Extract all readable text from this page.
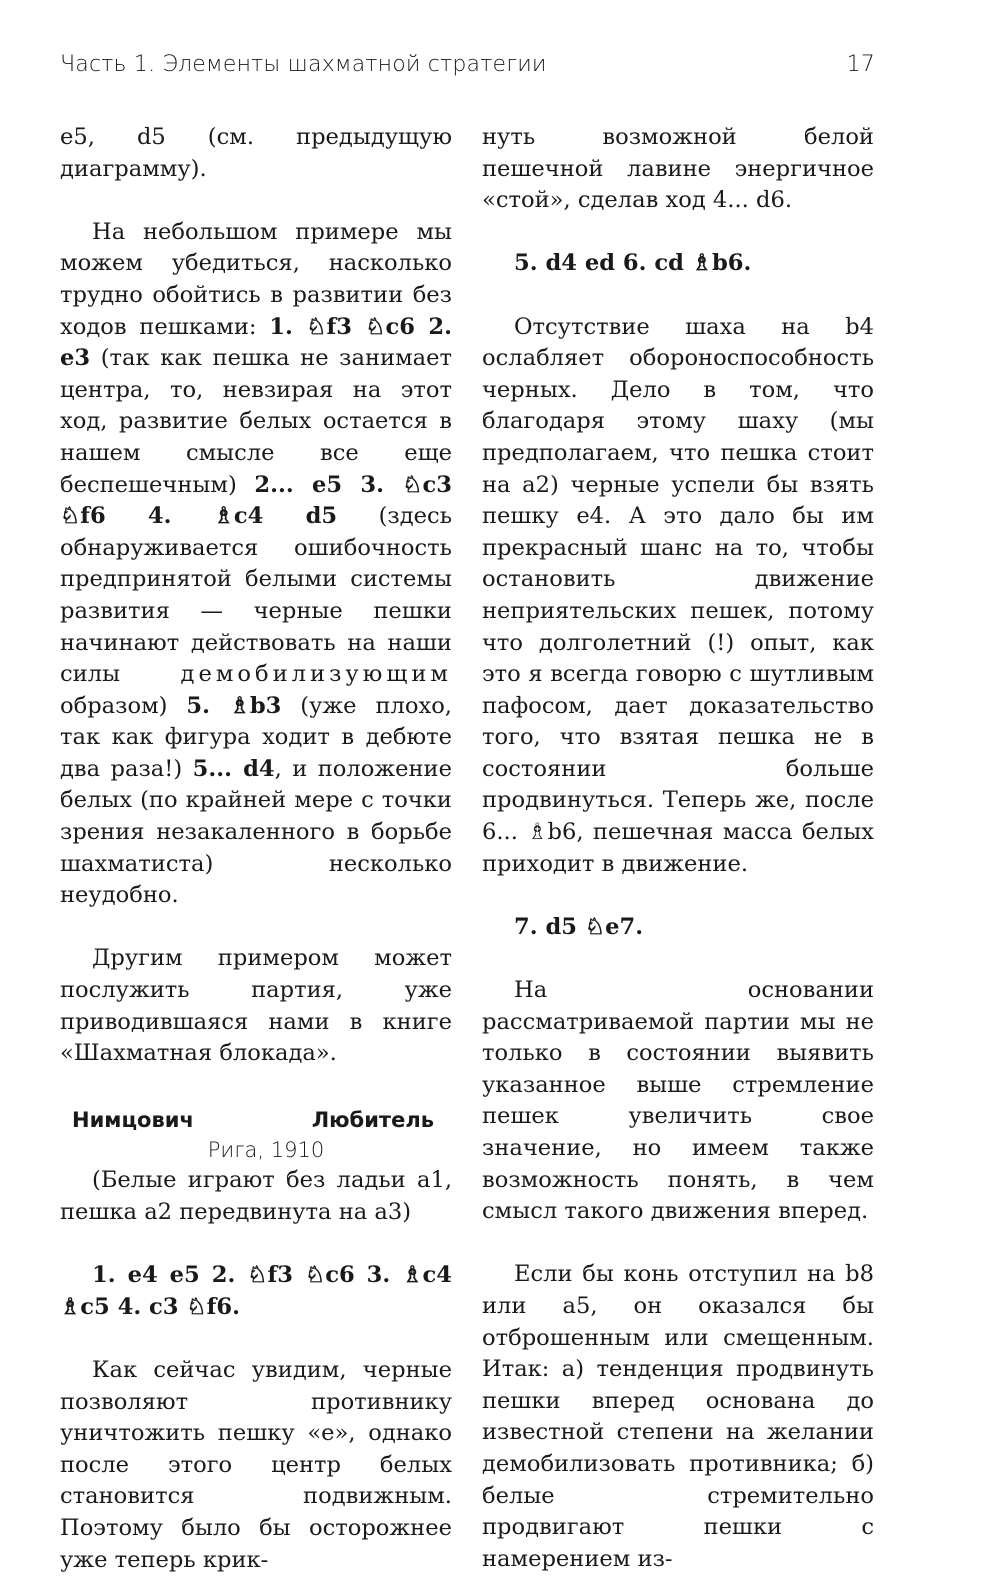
Часть 1. Элементы шахматной стратегии	17

е5, d5 (см. предыдущую диаграмму).

На небольшом примере мы можем убедиться, насколько трудно обойтись в развитии без ходов пешками: 1. ♘f3 ♘c6 2. e3 (так как пешка не занимает центра, то, невзирая на этот ход, развитие белых остается в нашем смысле все еще беспешечным) 2... e5 3. ♘c3 ♘f6 4. ♗c4 d5 (здесь обнаруживается ошибочность предпринятой белыми системы развития — черные пешки начинают действовать на наши силы демобилизующим образом) 5. ♗b3 (уже плохо, так как фигура ходит в дебюте два раза!) 5... d4, и положение белых (по крайней мере с точки зрения незакаленного в борьбе шахматиста) несколько неудобно.

Другим примером может послужить партия, уже приводившаяся нами в книге «Шахматная блокада».

Нимцович	Любитель
Рига, 1910

(Белые играют без ладьи a1, пешка а2 передвинута на а3)

1. e4 e5 2. ♘f3 ♘c6 3. ♗c4 ♗c5 4. c3 ♘f6.

Как сейчас увидим, черные позволяют противнику уничтожить пешку «е», однако после этого центр белых становится подвижным. Поэтому было бы осторожнее уже теперь крик-

нуть возможной белой пешечной лавине энергичное «стой», сделав ход 4... d6.

5. d4 ed 6. cd ♗b6.

Отсутствие шаха на b4 ослабляет обороноспособность черных. Дело в том, что благодаря этому шаху (мы предполагаем, что пешка стоит на а2) черные успели бы взять пешку е4. А это дало бы им прекрасный шанс на то, чтобы остановить движение неприятельских пешек, потому что долголетний (!) опыт, как это я всегда говорю с шутливым пафосом, дает доказательство того, что взятая пешка не в состоянии больше продвинуться. Теперь же, после 6... ♗b6, пешечная масса белых приходит в движение.

7. d5 ♘e7.

На основании рассматриваемой партии мы не только в состоянии выявить указанное выше стремление пешек увеличить свое значение, но имеем также возможность понять, в чем смысл такого движения вперед.

Если бы конь отступил на b8 или а5, он оказался бы отброшенным или смещенным. Итак: а) тенденция продвинуть пешки вперед основана до известной степени на желании демобилизовать противника; б) белые стремительно продвигают пешки с намерением из-
